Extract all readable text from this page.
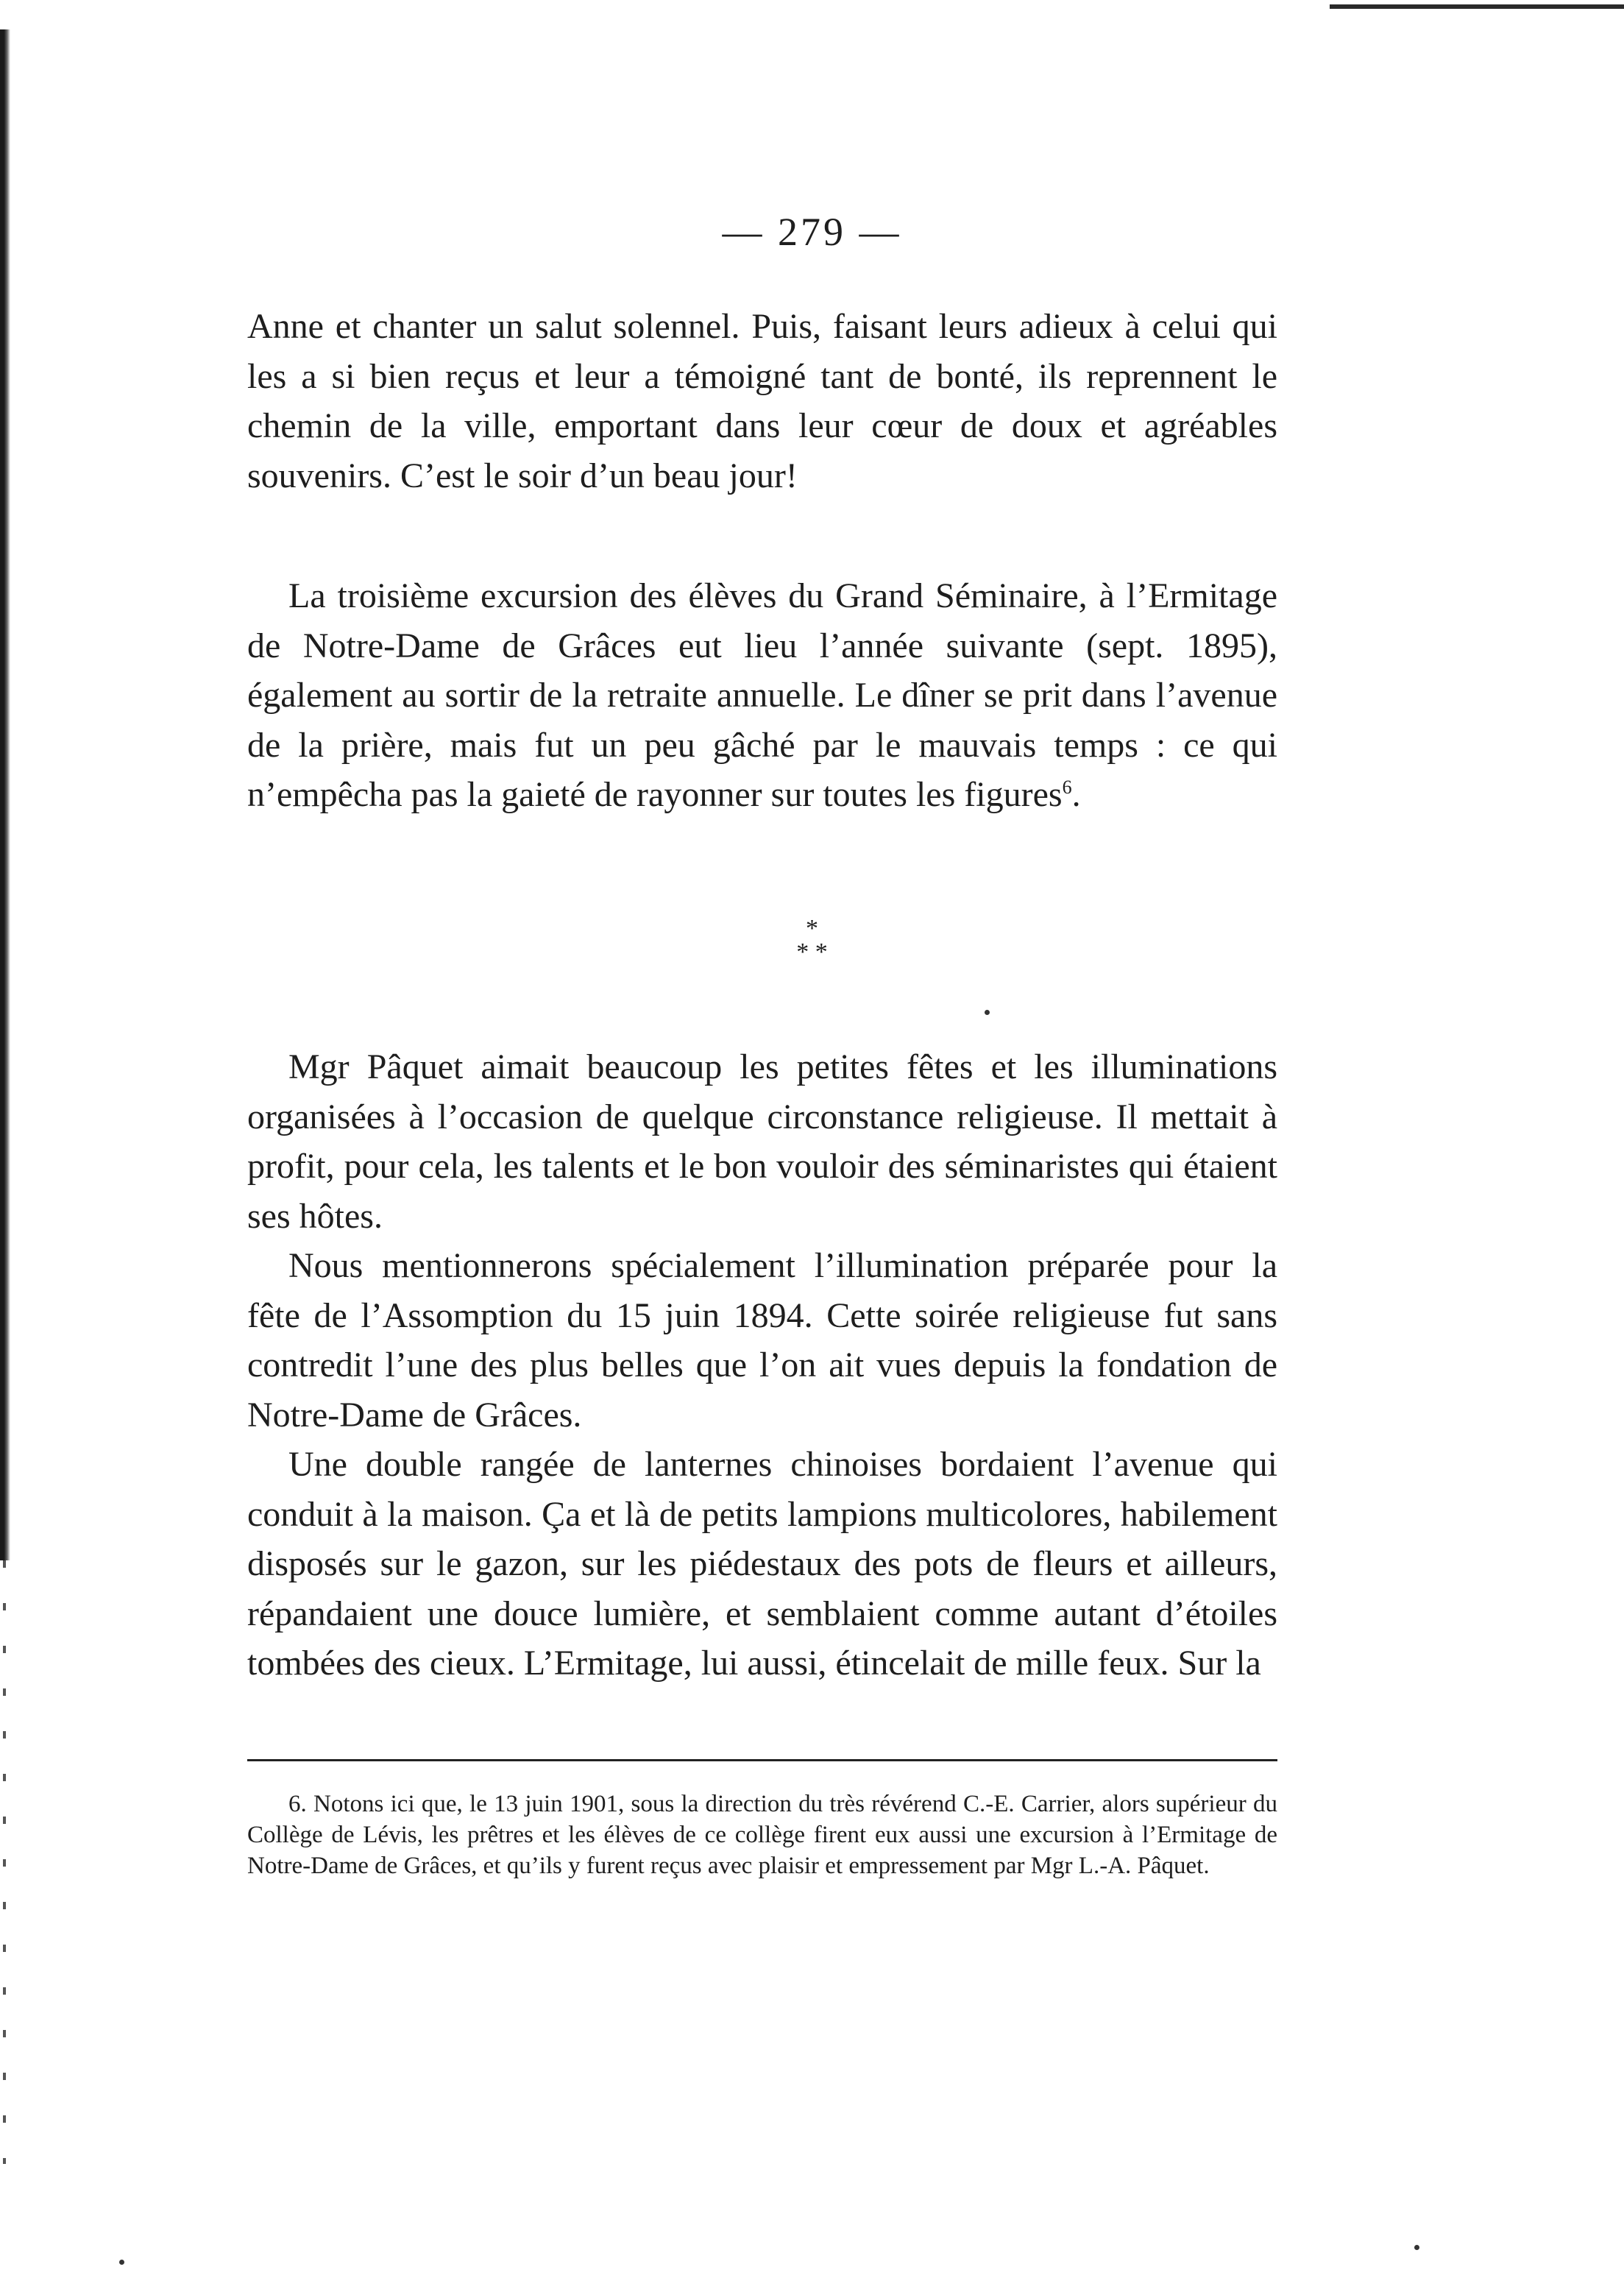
— 279 —

Anne et chanter un salut solennel. Puis, faisant leurs adieux à celui qui les a si bien reçus et leur a témoigné tant de bonté, ils reprennent le chemin de la ville, emportant dans leur cœur de doux et agréables souvenirs. C’est le soir d’un beau jour!

La troisième excursion des élèves du Grand Séminaire, à l’Ermitage de Notre-Dame de Grâces eut lieu l’année suivante (sept. 1895), également au sortir de la retraite annuelle. Le dîner se prit dans l’avenue de la prière, mais fut un peu gâché par le mauvais temps : ce qui n’empêcha pas la gaieté de rayonner sur toutes les figures$^6$.

*
* *

Mgr Pâquet aimait beaucoup les petites fêtes et les illuminations organisées à l’occasion de quelque circonstance religieuse. Il mettait à profit, pour cela, les talents et le bon vouloir des séminaristes qui étaient ses hôtes.

Nous mentionnerons spécialement l’illumination préparée pour la fête de l’Assomption du 15 juin 1894. Cette soirée religieuse fut sans contredit l’une des plus belles que l’on ait vues depuis la fondation de Notre-Dame de Grâces.

Une double rangée de lanternes chinoises bordaient l’avenue qui conduit à la maison. Ça et là de petits lampions multicolores, habilement disposés sur le gazon, sur les piédestaux des pots de fleurs et ailleurs, répandaient une douce lumière, et semblaient comme autant d’étoiles tombées des cieux. L’Ermitage, lui aussi, étincelait de mille feux. Sur la

6. Notons ici que, le 13 juin 1901, sous la direction du très révérend C.-E. Carrier, alors supérieur du Collège de Lévis, les prêtres et les élèves de ce collège firent eux aussi une excursion à l’Ermitage de Notre-Dame de Grâces, et qu’ils y furent reçus avec plaisir et empressement par Mgr L.-A. Pâquet.
